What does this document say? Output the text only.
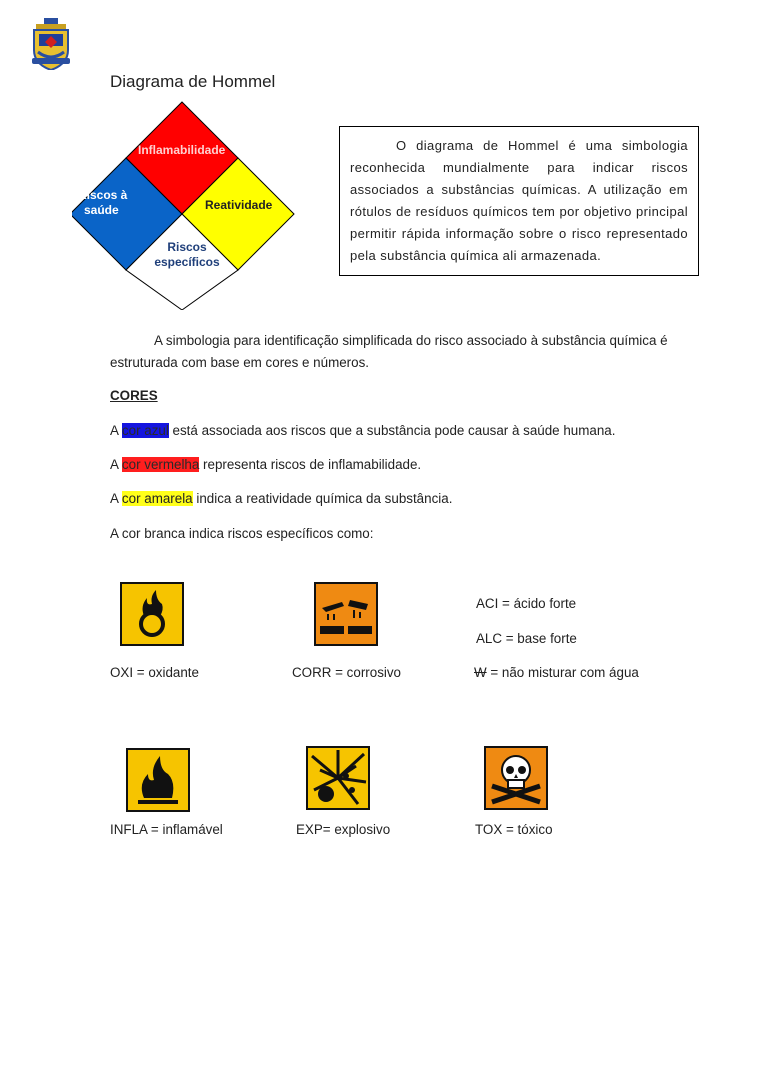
Diagrama de Hommel
Inflamabilidade
Riscos à
saúde	Reatividade
Riscos
específicos
O diagrama de Hommel é uma simbologia reconhecida mundialmente para indicar riscos associados a substâncias químicas. A utilização em rótulos de resíduos químicos tem por objetivo principal permitir rápida informação sobre o risco representado pela substância química ali armazenada.
A simbologia para identificação simplificada do risco associado à substância química é estruturada com base em cores e números.
CORES
A cor azul está associada aos riscos que a substância pode causar à saúde humana.
A cor vermelha representa riscos de inflamabilidade.
A cor amarela indica a reatividade química da substância.
A cor branca indica riscos específicos como:
ACI = ácido forte
ALC = base forte
OXI = oxidante	CORR = corrosivo	W = não misturar com água
INFLA = inflamável	EXP= explosivo	TOX = tóxico
